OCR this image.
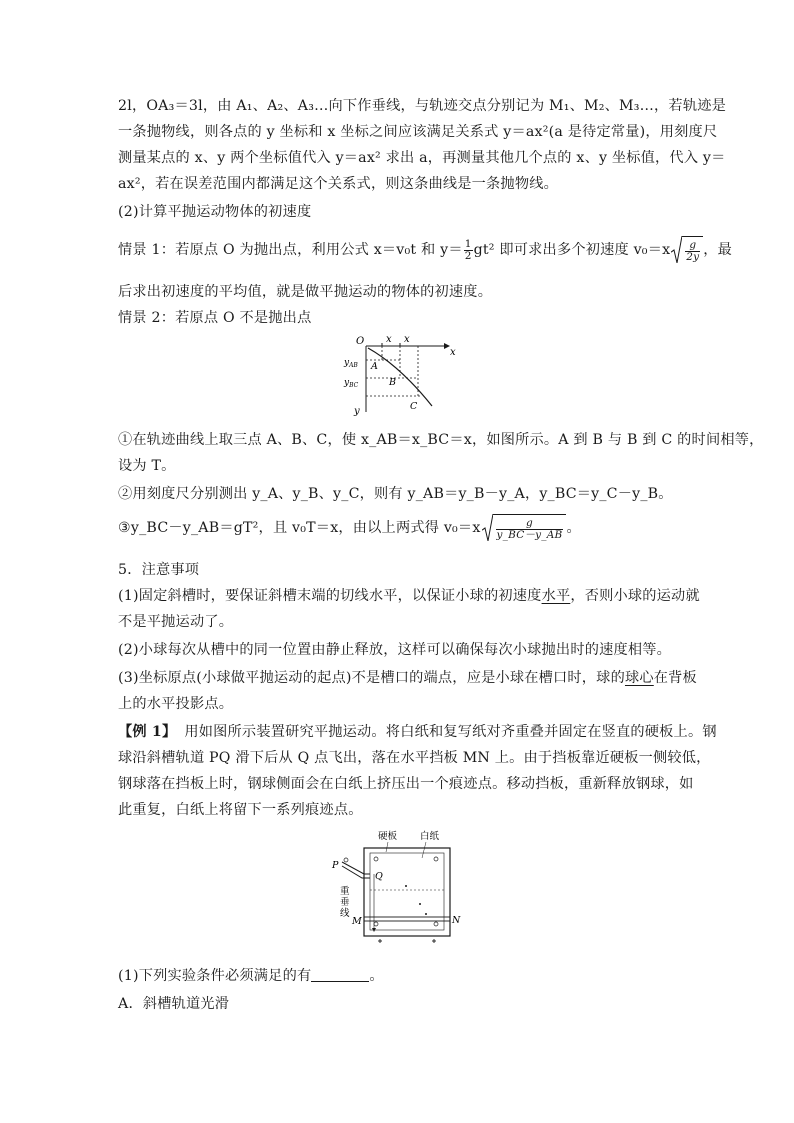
2l，OA₃＝3l，由 A₁、A₂、A₃…向下作垂线，与轨迹交点分别记为 M₁、M₂、M₃…，若轨迹是
一条抛物线，则各点的 y 坐标和 x 坐标之间应该满足关系式 y＝ax²(a 是待定常量)，用刻度尺
测量某点的 x、y 两个坐标值代入 y＝ax² 求出 a，再测量其他几个点的 x、y 坐标值，代入 y＝
ax²，若在误差范围内都满足这个关系式，则这条曲线是一条抛物线。
(2)计算平抛运动物体的初速度
情景 1：若原点 O 为抛出点，利用公式 x＝v₀t 和 $y= \frac{1}{2} gt^2$ 即可求出多个初速度 $v_0=x \frac{g}{2y}$ ，最
后求出初速度的平均值，就是做平抛运动的物体的初速度。
情景 2：若原点 O 不是抛出点
O x x
x
A
B
C
$y_{AB}$
$y_{BC}$
y
①在轨迹曲线上取三点 A、B、C，使 x_AB＝x_BC＝x，如图所示。A 到 B 与 B 到 C 的时间相等，
设为 T。
②用刻度尺分别测出 y_A、y_B、y_C，则有 y_AB＝y_B－y_A，y_BC＝y_C－y_B。
③y_BC－y_AB＝gT²，且 v₀T＝x，由以上两式得 $v_0=x \frac{g}{y\_BC-y\_AB}$ 。
5．注意事项
(1)固定斜槽时，要保证斜槽末端的切线水平，以保证小球的初速度水平，否则小球的运动就
不是平抛运动了。
(2)小球每次从槽中的同一位置由静止释放，这样可以确保每次小球抛出时的速度相等。
(3)坐标原点(小球做平抛运动的起点)不是槽口的端点，应是小球在槽口时，球的球心在背板
上的水平投影点。
【例 1】 用如图所示装置研究平抛运动。将白纸和复写纸对齐重叠并固定在竖直的硬板上。钢
球沿斜槽轨道 PQ 滑下后从 Q 点飞出，落在水平挡板 MN 上。由于挡板靠近硬板一侧较低，
钢球落在挡板上时，钢球侧面会在白纸上挤压出一个痕迹点。移动挡板，重新释放钢球，如
此重复，白纸上将留下一系列痕迹点。
硬板 白纸
P
Q
重
垂
线
M	N
(1)下列实验条件必须满足的有	。
A．斜槽轨道光滑
